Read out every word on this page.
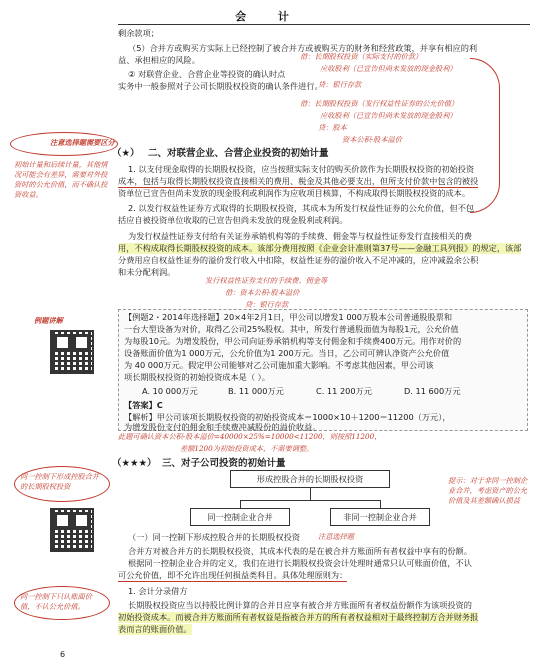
会 计
剩余款项；
（5）合并方或购买方实际上已经控制了被合并方或被购买方的财务和经营政策，并享有相应的利
益、承担相应的风险。
② 对联营企业、合营企业等投资的确认时点
实务中一般参照对子公司长期股权投资的确认条件进行。
借：长期股权投资（实际支付的价款）
应收股利（已宣告但尚未发放的现金股利）
贷：银行存款
借：长期股权投资（发行权益性证券的公允价值）
应收股利（已宣告但尚未发放的现金股利）
贷：股本
资本公积-股本溢价
注意选择题需要区分
初始计量和后续计量，其他情况可能会有差异，需要对外投资时的公允价值，而不确认投资收益。
（★） 二、对联营企业、合营企业投资的初始计量
1. 以支付现金取得的长期股权投资，应当按照实际支付的购买价款作为长期股权投资的初始投资
成本，包括与取得长期股权投资直接相关的费用、税金及其他必要支出，但所支付价款中包含的被投
资单位已宣告但尚未发放的现金股利或利润作为应收项目核算，不构成取得长期股权投资的成本。
2. 以发行权益性证券方式取得的长期股权投资，其成本为所发行权益性证券的公允价值，但不包
括应自被投资单位收取的已宣告但尚未发放的现金股利或利润。
为发行权益性证券支付给有关证券承销机构等的手续费、佣金等与权益性证券发行直接相关的费
用，不构成取得长期股权投资的成本。该部分费用按照《企业会计准则第37号——金融工具列报》的规定，该部
分费用应自权益性证券的溢价发行收入中扣除，权益性证券的溢价收入不足冲减的，应冲减盈余公积
和未分配利润。
发行权益性证券支付的手续费、佣金等
借：资本公积-股本溢价
贷：银行存款
例题讲解	【例题2・2014年选择题】20×4年2月1日，甲公司以增发1 000万股本公司普通股股票和
一台大型设备为对价，取得乙公司25%股权。其中，所发行普通股面值为每股1元，公允价值
为每股10元。为增发股份，甲公司向证券承销机构等支付佣金和手续费400万元。用作对价的
设备账面价值为1 000万元，公允价值为1 200万元。当日，乙公司可辨认净资产公允价值
为 40 000万元。假定甲公司能够对乙公司施加重大影响。不考虑其他因素，甲公司该
项长期股权投资的初始投资成本是（ ）。
A. 10 000万元	B. 11 000万元	C. 11 200万元	D. 11 600万元
【答案】C
【解析】甲公司该项长期股权投资的初始投资成本＝1000×10＋1200＝11200（万元），
为增发股份支付的佣金和手续费冲减股份的溢价收益。
此题可确认资本公积-股本溢价=40000×25%=10000<11200，则按照11200，
差额1200为初始投资成本，不需要调整。
（★★★） 三、对子公司投资的初始计量
同一控制下形成控股合并的长期股权投资
提示：对于非同一控制企业合并，考虑资产的公允价值及其差额确认损益
形成控股合并的长期股权投资
同一控制企业合并	非同一控制企业合并
（一）同一控制下形成控股合并的长期股权投资	注意选择题
合并方对被合并方的长期股权投资，其成本代表的是在被合并方账面所有者权益中享有的份额。
根据同一控制企业合并的定义，我们在进行长期股权投资会计处理时通常只认可账面价值，不认
可公允价值，即不允许出现任何损益类科目。具体处理原则为：
1. 会计分录借方
同一控制下只认账面价值，不认公允价值。	长期股权投资应当以持股比例计算的合并日应享有被合并方账面所有者权益份额作为该项投资的
初始投资成本。而被合并方账面所有者权益是指被合并方的所有者权益相对于最终控制方合并财务报
表而言的账面价值。
6
